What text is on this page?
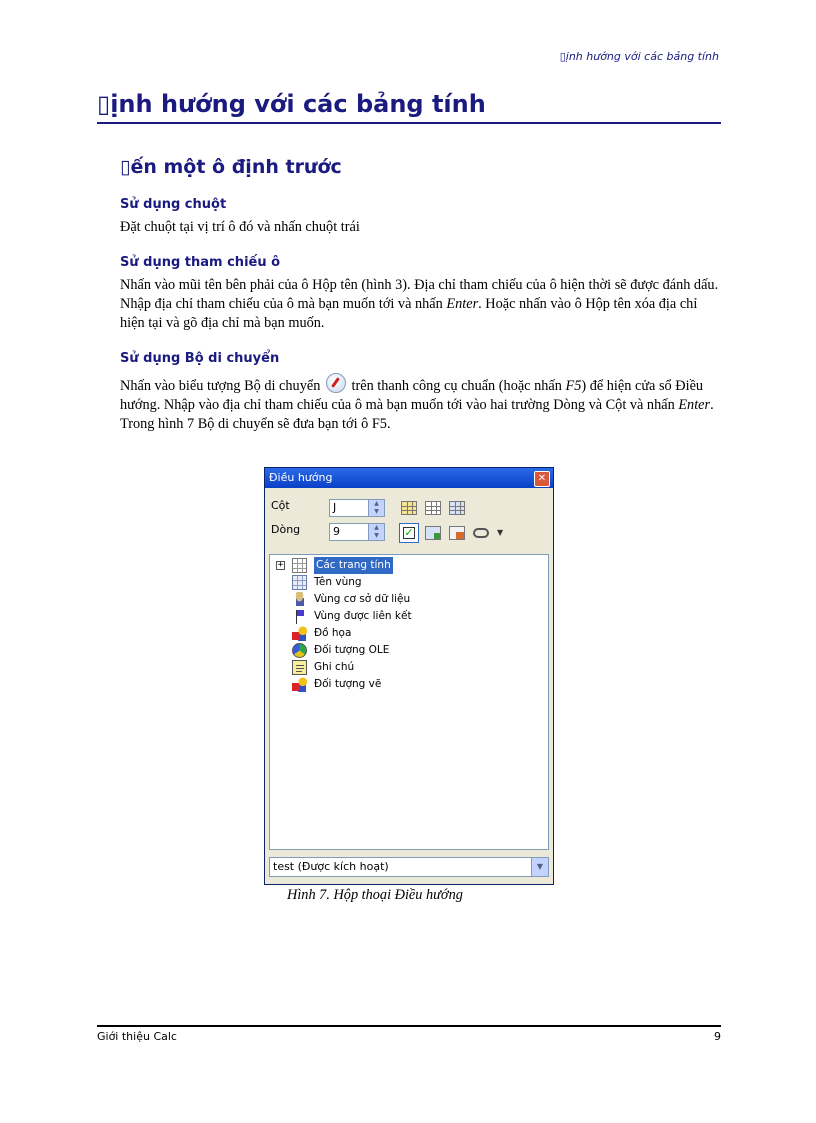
▯ịnh hướng với các bảng tính
▯ịnh hướng với các bảng tính
▯ến một ô định trước
Sử dụng chuột
Đặt chuột tại vị trí ô đó và nhấn chuột trái
Sử dụng tham chiếu ô
Nhấn vào mũi tên bên phải của ô Hộp tên (hình 3). Địa chỉ tham chiếu của ô hiện thời sẽ được đánh dấu. Nhập địa chỉ tham chiếu của ô mà bạn muốn tới và nhấn Enter. Hoặc nhấn vào ô Hộp tên xóa địa chỉ hiện tại và gõ địa chỉ mà bạn muốn.
Sử dụng Bộ di chuyển
Nhấn vào biểu tượng Bộ di chuyển trên thanh công cụ chuẩn (hoặc nhấn F5) để hiện cửa sổ Điều hướng. Nhập vào địa chỉ tham chiếu của ô mà bạn muốn tới vào hai trường Dòng và Cột và nhấn Enter. Trong hình 7 Bộ di chuyển sẽ đưa bạn tới ô F5.
Điều hướng	✕
Cột	J	▲
▼
Dòng	9	▲
▼	✓	▼
+	Các trang tính
Tên vùng
Vùng cơ sở dữ liệu
Vùng được liên kết
Đồ họa
Đối tượng OLE
Ghi chú
Đối tượng vẽ
test (Được kích hoạt)	▼
Hình 7. Hộp thoại Điều hướng
Giới thiệu Calc	9
